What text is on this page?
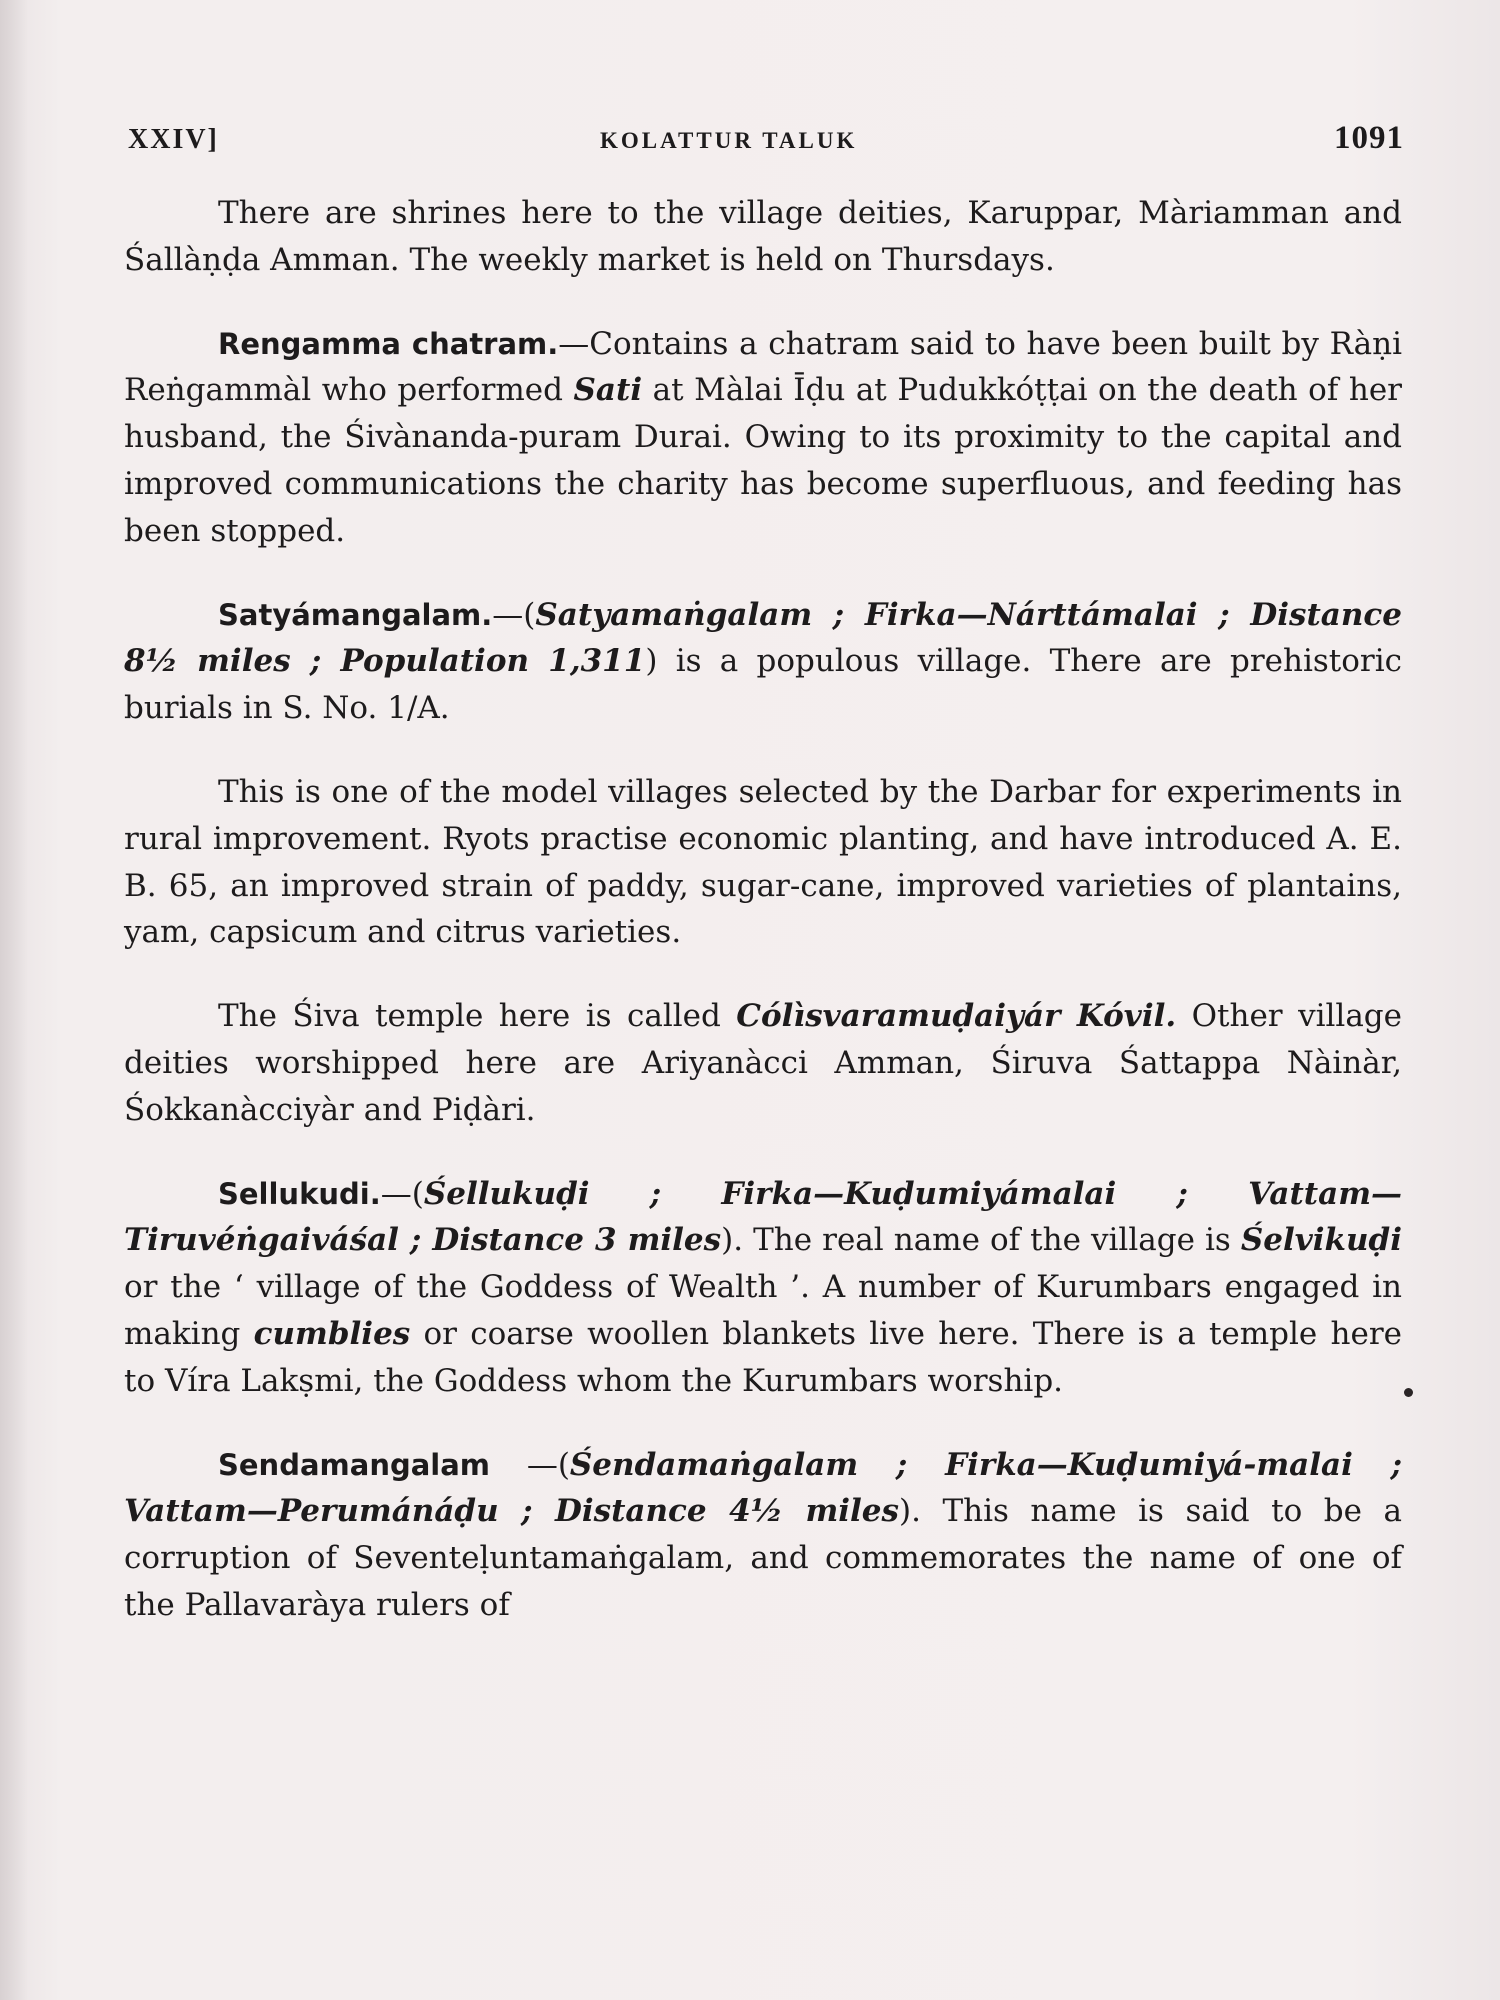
XXIV]	KOLATTUR TALUK	1091

There are shrines here to the village deities, Karuppar, Màriamman and Śallàṇḍa Amman. The weekly market is held on Thursdays.

Rengamma chatram.—Contains a chatram said to have been built by Ràṇi Reṅgammàl who performed Sati at Màlai Īḍu at Pudukkóṭṭai on the death of her husband, the Śivànanda-puram Durai. Owing to its proximity to the capital and improved communications the charity has become superfluous, and feeding has been stopped.

Satyámangalam.—(Satyamaṅgalam ; Firka—Nárttámalai ; Distance 8½ miles ; Population 1,311) is a populous village. There are prehistoric burials in S. No. 1/A.

This is one of the model villages selected by the Darbar for experiments in rural improvement. Ryots practise economic planting, and have introduced A. E. B. 65, an improved strain of paddy, sugar-cane, improved varieties of plantains, yam, capsicum and citrus varieties.

The Śiva temple here is called Cólìsvaramuḍaiyár Kóvil. Other village deities worshipped here are Ariyanàcci Amman, Śiruva Śattappa Nàinàr, Śokkanàcciyàr and Piḍàri.

Sellukudi.—(Śellukuḍi ; Firka—Kuḍumiyámalai ; Vattam—Tiruvéṅgaiváśal ; Distance 3 miles). The real name of the village is Śelvikuḍi or the ‘ village of the Goddess of Wealth ’. A number of Kurumbars engaged in making cumblies or coarse woollen blankets live here. There is a temple here to Víra Lakṣmi, the Goddess whom the Kurumbars worship.

Sendamangalam —(Śendamaṅgalam ; Firka—Kuḍumiyá-malai ; Vattam—Perumánáḍu ; Distance 4½ miles). This name is said to be a corruption of Seventeḷuntamaṅgalam, and commemorates the name of one of the Pallavaràya rulers of
